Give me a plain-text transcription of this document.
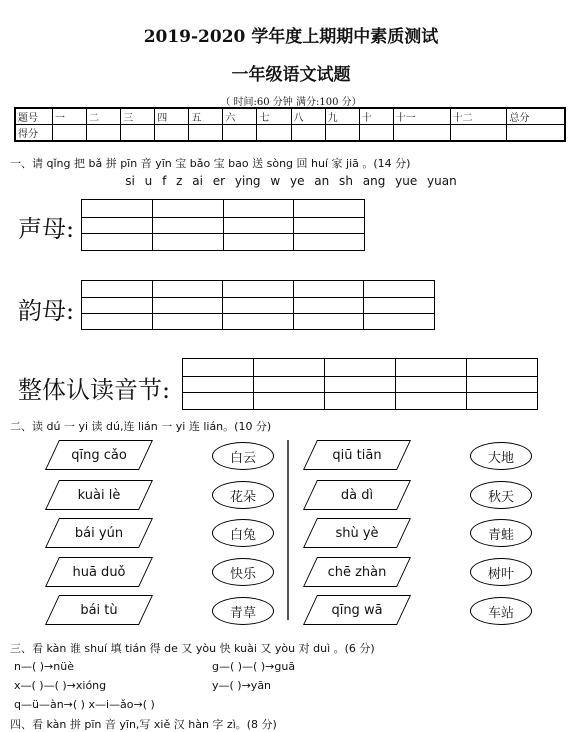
2019-2020 学年度上期期中素质测试
一年级语文试题
（ 时间:60 分钟 满分:100 分）
题号	一	二	三	四	五	六	七	八	九	十	十一	十二	总分
得分													
一、请 qǐng 把 bǎ 拼 pīn 音 yīn 宝 bǎo 宝 bao 送 sòng 回 huí 家 jiā 。(14 分)
si u f z ai er ying w ye an sh ang yue yuan
声母:
韵母:
整体认读音节:
二、读 dú 一 yi 读 dú,连 lián 一 yi 连 lián。(10 分)
qīng cǎo
kuài lè
bái yún
huā duǒ
bái tù
白云
花朵
白兔
快乐
青草
qiū tiān
dà dì
shù yè
chē zhàn
qīng wā
大地
秋天
青蛙
树叶
车站
三、看 kàn 谁 shuí 填 tián 得 de 又 yòu 快 kuài 又 yòu 对 duì 。(6 分)
n—( )→nüè	g—( )—( )→guā
x—( )—( )→xióng	y—( )→yān
q—ü—àn→( ) x—i—ǎo→( )
四、看 kàn 拼 pīn 音 yīn,写 xiě 汉 hàn 字 zì。(8 分)
